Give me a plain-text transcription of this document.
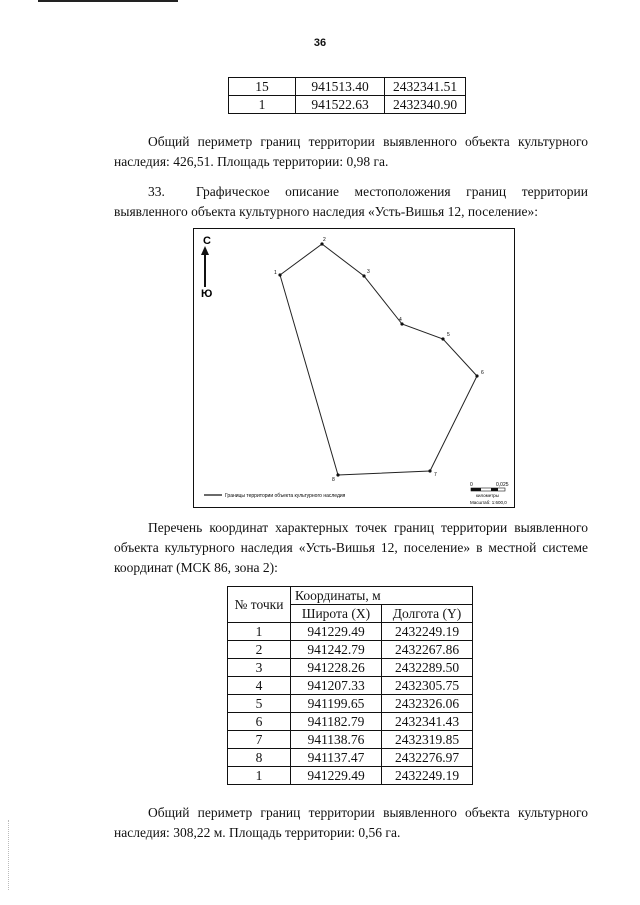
36
15	941513.40	2432341.51
1	941522.63	2432340.90
Общий периметр границ территории выявленного объекта культурного наследия: 426,51. Площадь территории: 0,98 га.
33. Графическое описание местоположения границ территории выявленного объекта культурного наследия «Усть-Вишья 12, поселение»:
С
Ю
1
2
3
4
5
6
7
8
Границы территории объекта культурного наследия
0	0,025
километры
Масштаб: 1:600,0
Перечень координат характерных точек границ территории выявленного объекта культурного наследия «Усть-Вишья 12, поселение» в местной системе координат (МСК 86, зона 2):
№ точки	Координаты, м	
	Широта (X)	Долгота (Y)
1	941229.49	2432249.19
2	941242.79	2432267.86
3	941228.26	2432289.50
4	941207.33	2432305.75
5	941199.65	2432326.06
6	941182.79	2432341.43
7	941138.76	2432319.85
8	941137.47	2432276.97
1	941229.49	2432249.19
Общий периметр границ территории выявленного объекта культурного наследия: 308,22 м. Площадь территории: 0,56 га.
